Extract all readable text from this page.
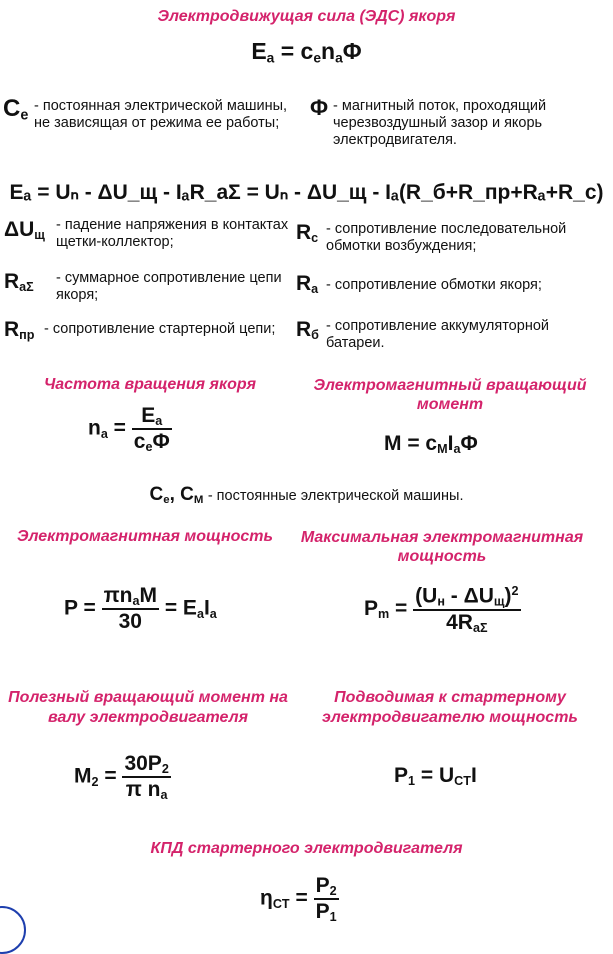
Электродвижущая сила (ЭДС) якоря
$E_a = c_en_a\Phi$
$C_e$
- постоянная электрической машины, не зависящая от режима ее работы;
Φ - магнитный поток, проходящий черезвоздушный зазор и якорь электродвигателя.
Eₐ = Uₙ - ΔU_щ - IₐR_aΣ = Uₙ - ΔU_щ - Iₐ(R_б+R_пр+Rₐ+R_c)
$\Delta U_щ$
- падение напряжения в контактах щетки-коллектор;
$R_{a\Sigma}$
- суммарное сопротивление цепи якоря;
$R_{пр}$ - сопротивление стартерной цепи;
$R_c$
- сопротивление последовательной обмотки возбуждения;
$R_a$ - сопротивление обмотки якоря;
$R_б$
- сопротивление аккумуляторной батареи.
Частота вращения якоря	Электромагнитный вращающий момент
$n_a = \frac{E_a}{c_e\Phi}$	$M = c_MI_a\Phi$
$C_e$, $C_M$ - постоянные электрической машины.
Электромагнитная мощность	Максимальная электромагнитная мощность
$P = \frac{\pi n_aM}{30} = E_aI_a$	$P_m = \frac{(U_н - \Delta U_щ)^2}{4R_{a\Sigma}}$
Полезный вращающий момент на валу электродвигателя
Подводимая к стартерному электродвигателю мощность
$M_2 = \frac{30P_2}{\pi n_a}$	$P_1 = U_{CT}I$
КПД стартерного электродвигателя
$\eta_{CT} = \frac{P_2}{P_1}$
